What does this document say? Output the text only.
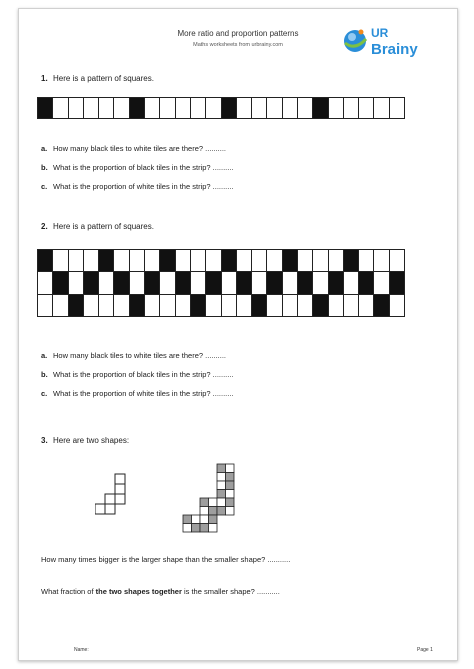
More ratio and proportion patterns
Maths worksheets from urbrainy.com
UR
Brainy
1. Here is a pattern of squares.
a. How many black tiles to white tiles are there? ..........
b. What is the proportion of black tiles in the strip? ..........
c. What is the proportion of white tiles in the strip? ..........
2. Here is a pattern of squares.
a. How many black tiles to white tiles are there? ..........
b. What is the proportion of black tiles in the strip? ..........
c. What is the proportion of white tiles in the strip? ..........
3. Here are two shapes:
How many times bigger is the larger shape than the smaller shape? ...........
What fraction of the two shapes together is the smaller shape? ...........
Name:	Page 1
